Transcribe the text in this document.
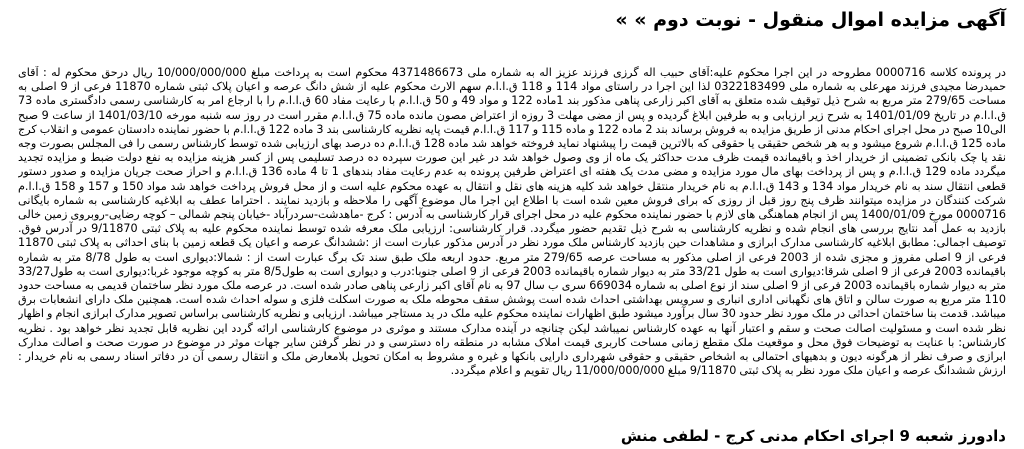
آگهی مزایده اموال منقول - نوبت دوم » »

در پرونده کلاسه 0000716 مطروحه در این اجرا محکوم علیه:آقای حبیب اله گرزی فرزند عزیز اله به شماره ملی 4371486673 محکوم است به پرداخت مبلغ 10/000/000/000 ریال درحق محکوم له : آقای حمیدرضا مجیدی فرزند مهرعلی به شماره ملی 0322183499 لذا این اجرا در راستای مواد 114 و 118 ق.ا.ا.م سهم الارث محکوم علیه از شش دانگ عرصه و اعیان پلاک ثبتی شماره 11870 فرعی از 9 اصلی به مساحت 279/65 متر مربع به شرح ذیل توقیف شده متعلق به آقای اکبر زارعی پناهی مذکور بند 1ماده 122 و مواد 49 و 50 ق.ا.ا.م با رعایت مفاد 60 ق.ا.ا.م را با ارجاع امر به کارشناسی رسمی دادگستری ماده 73 ق.ا.ا.م در تاریخ 1401/01/09 به شرح زیر ارزیابی و به طرفین ابلاغ گردیده و پس از مضی مهلت 3 روزه از اعتراض مصون مانده ماده 75 ق.ا.ا.م مقرر است در روز سه شنبه مورخه 1401/03/10 از ساعت 9 صبح الی10 صبح در محل اجرای احکام مدنی از طریق مزایده به فروش برساند بند 2 ماده 122 و ماده 115 و 117 ق.ا.ا.م قیمت پایه نظریه کارشناسی بند 3 ماده 122 ق.ا.ا.م با حضور نماینده دادستان عمومی و انقلاب کرج ماده 125 ق.ا.ا.م شروع میشود و به هر شخص حقیقی یا حقوقی که بالاترین قیمت را پیشنهاد نماید فروخته خواهد شد ماده 128 ق.ا.ا.م ده درصد بهای ارزیابی شده توسط کارشناس رسمی را فی المجلس بصورت وجه نقد یا چک بانکی تضمینی از خریدار اخذ و باقیمانده قیمت ظرف مدت حداکثر یک ماه از وی وصول خواهد شد در غیر این صورت سپرده ده درصد تسلیمی پس از کسر هزینه مزایده به نفع دولت ضبط و مزایده تجدید میگردد ماده 129 ق.ا.ا.م و پس از پرداخت بهای مال مورد مزایده و مضی مدت یک هفته ای اعتراض طرفین پرونده به عدم رعایت مفاد بندهای 1 تا 4 ماده 136 ق.ا.ا.م و احراز صحت جریان مزایده و صدور دستور قطعی انتقال سند به نام خریدار مواد 134 و 143 ق.ا.ا.م به نام خریدار منتقل خواهد شد کلیه هزینه های نقل و انتقال به عهده محکوم علیه است و از محل فروش پرداخت خواهد شد مواد 150 و 157 و 158 ق.ا.ا.م شرکت کنندگان در مزایده میتوانند ظرف پنج روز قبل از روزی که برای فروش معین شده است با اطلاع این اجرا مال موضوع آگهی را ملاحظه و بازدید نمایند . احتراما عطف به ابلاغیه کارشناسی به شماره بایگانی 0000716 مورخ 1400/01/09 پس از انجام هماهنگی های لازم با حضور نماینده محکوم علیه در محل اجرای قرار کارشناسی به آدرس : کرج -ماهدشت-سردرآباد -خیابان پنجم شمالی – کوچه رضایی-روبروی زمین خالی بازدید به عمل آمد نتایج بررسی های انجام شده و نظریه کارشناسی به شرح ذیل تقدیم حضور میگردد. قرار کارشناسی: ارزیابی ملک معرفه شده توسط نماینده محکوم علیه به پلاک ثبتی 9/11870 در آدرس فوق. توصیف اجمالی: مطابق ابلاغیه کارشناسی مدارک ابرازی و مشاهدات حین بازدید کارشناس ملک مورد نظر در آدرس مذکور عبارت است از :ششدانگ عرصه و اعیان یک قطعه زمین با بنای احداثی به پلاک ثبتی 11870 فرعی از 9 اصلی مفروز و مجزی شده از 2003 فرعی از اصلی مذکور به مساحت عرصه 279/65 متر مربع. حدود اربعه ملک طبق سند تک برگ عبارت است از : شمالا:دیواری است به طول 8/78 متر به شماره باقیمانده 2003 فرعی از 9 اصلی شرقا:دیواری است به طول 33/21 متر به دیوار شماره باقیمانده 2003 فرعی از 9 اصلی جنوبا:درب و دیواری است به طول8/5 متر به کوچه موجود غربا:دیواری است به طول33/27 متر به دیوار شماره باقیمانده 2003 فرعی از 9 اصلی سند از نوع اصلی به شماره 669034 سری ب سال 97 به نام آقای اکبر زارعی پناهی صادر شده است. در عرصه ملک مورد نظر ساختمان قدیمی به مساحت حدود 110 متر مربع به صورت سالن و اتاق های نگهبانی اداری انباری و سرویس بهداشتی احداث شده است پوشش سقف محوطه ملک به صورت اسکلت فلزی و سوله احداث شده است. همچنین ملک دارای انشعابات برق میباشد. قدمت بنا ساختمان احداثی در ملک مورد نظر حدود 30 سال برآورد میشود طبق اظهارات نماینده محکوم علیه ملک در ید مستاجر میباشد. ارزیابی و نظریه کارشناسی براساس تصویر مدارک ابرازی انجام و اظهار نظر شده است و مسئولیت اصالت صحت و سقم و اعتبار آنها به عهده کارشناس نمیباشد لیکن چنانچه در آینده مدارک مستند و موثری در موضوع کارشناسی ارائه گردد این نظریه قابل تجدید نظر خواهد بود . نظریه کارشناس: با عنایت به توضیحات فوق محل و موقعیت ملک مقطع زمانی مساحت کاربری قیمت املاک مشابه در منطقه راه دسترسی و در نظر گرفتن سایر جهات موثر در موضوع در صورت صحت و اصالت مدارک ابرازی و صرف نظر از هرگونه دیون و بدهیهای احتمالی به اشخاص حقیقی و حقوقی شهرداری دارایی بانکها و غیره و مشروط به امکان تحویل بلامعارض ملک و انتقال رسمی آن در دفاتر اسناد رسمی به نام خریدار : ارزش ششدانگ عرصه و اعیان ملک مورد نظر به پلاک ثبتی 9/11870 مبلغ 11/000/000/000 ریال تقویم و اعلام میگردد.

دادورز شعبه 9 اجرای احکام مدنی کرج - لطفی منش
